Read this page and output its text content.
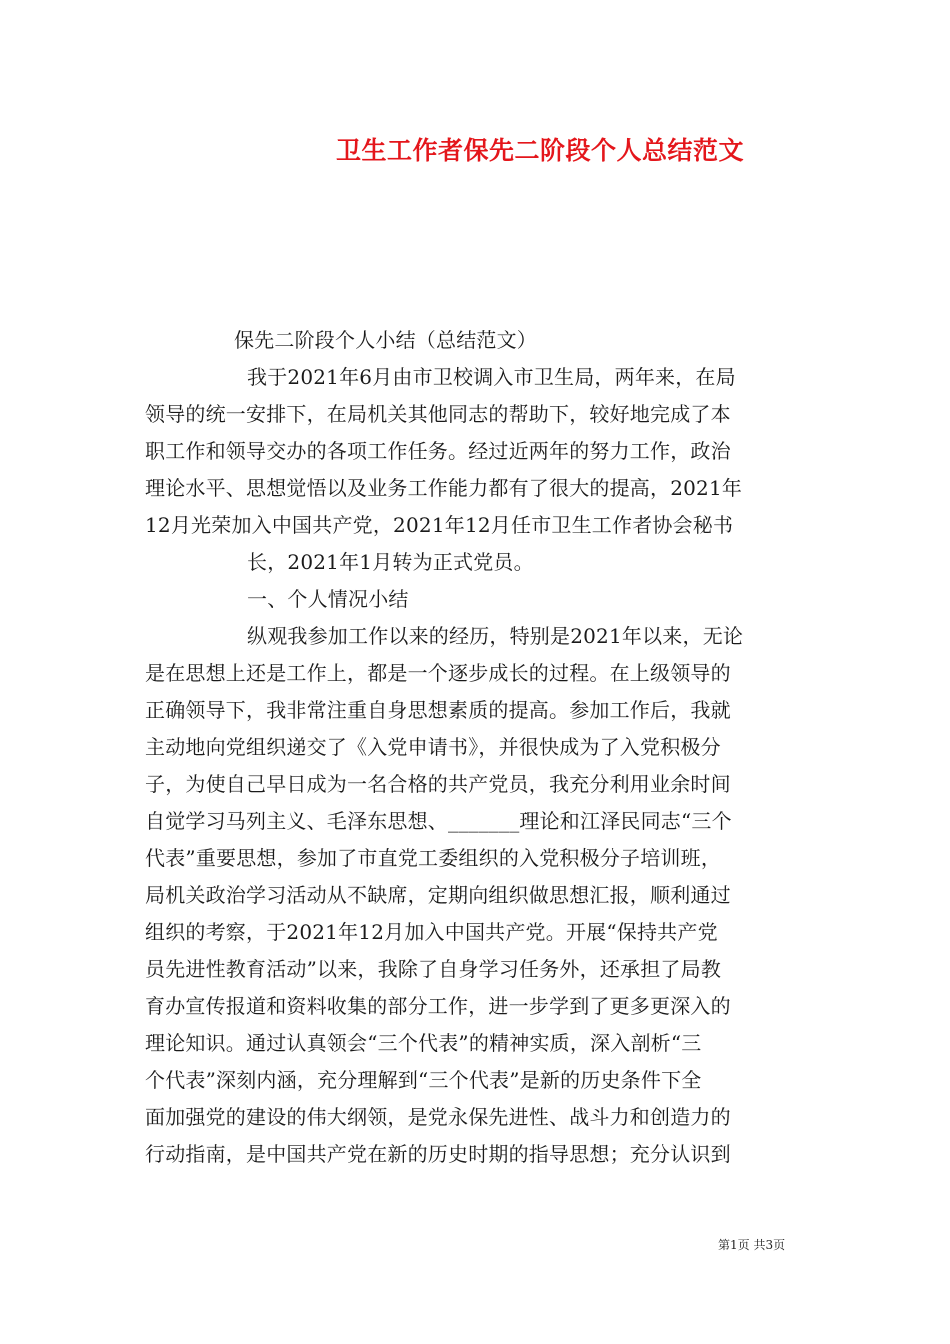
卫生工作者保先二阶段个人总结范文
保先二阶段个人小结（总结范文）
我于2021年6月由市卫校调入市卫生局，两年来，在局
领导的统一安排下，在局机关其他同志的帮助下，较好地完成了本
职工作和领导交办的各项工作任务。经过近两年的努力工作，政治
理论水平、思想觉悟以及业务工作能力都有了很大的提高，2021年
12月光荣加入中国共产党，2021年12月任市卫生工作者协会秘书
长，2021年1月转为正式党员。
一、个人情况小结
纵观我参加工作以来的经历，特别是2021年以来，无论
是在思想上还是工作上，都是一个逐步成长的过程。在上级领导的
正确领导下，我非常注重自身思想素质的提高。参加工作后，我就
主动地向党组织递交了《入党申请书》，并很快成为了入党积极分
子，为使自己早日成为一名合格的共产党员，我充分利用业余时间
自觉学习马列主义、毛泽东思想、_______理论和江泽民同志“三个
代表”重要思想，参加了市直党工委组织的入党积极分子培训班，
局机关政治学习活动从不缺席，定期向组织做思想汇报，顺利通过
组织的考察，于2021年12月加入中国共产党。开展“保持共产党
员先进性教育活动”以来，我除了自身学习任务外，还承担了局教
育办宣传报道和资料收集的部分工作，进一步学到了更多更深入的
理论知识。通过认真领会“三个代表”的精神实质，深入剖析“三
个代表”深刻内涵，充分理解到“三个代表”是新的历史条件下全
面加强党的建设的伟大纲领，是党永保先进性、战斗力和创造力的
行动指南，是中国共产党在新的历史时期的指导思想；充分认识到
第1页 共3页
